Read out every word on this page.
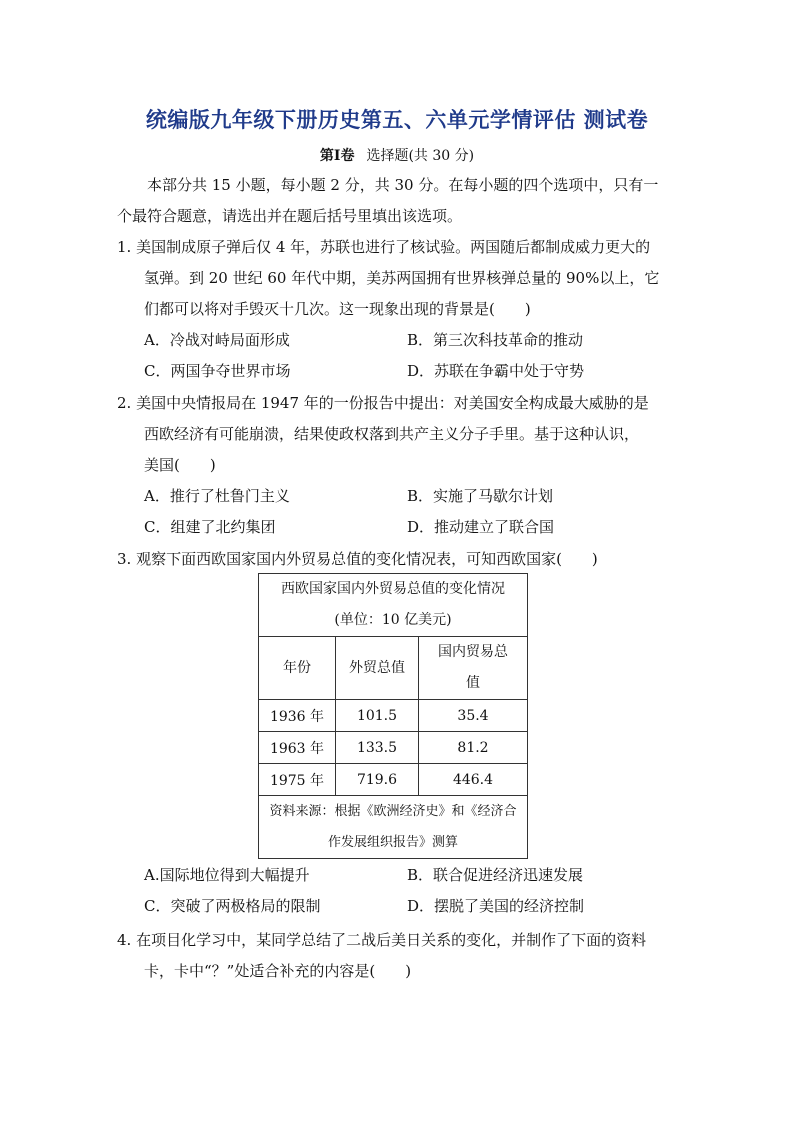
统编版九年级下册历史第五、六单元学情评估 测试卷
第Ⅰ卷 选择题(共 30 分)
本部分共 15 小题，每小题 2 分，共 30 分。在每小题的四个选项中，只有一
个最符合题意，请选出并在题后括号里填出该选项。
1. 美国制成原子弹后仅 4 年，苏联也进行了核试验。两国随后都制成威力更大的
氢弹。到 20 世纪 60 年代中期，美苏两国拥有世界核弹总量的 90%以上，它
们都可以将对手毁灭十几次。这一现象出现的背景是(　　)
A．冷战对峙局面形成	B．第三次科技革命的推动
C．两国争夺世界市场	D．苏联在争霸中处于守势
2. 美国中央情报局在 1947 年的一份报告中提出：对美国安全构成最大威胁的是
西欧经济有可能崩溃，结果使政权落到共产主义分子手里。基于这种认识，
美国(　　)
A．推行了杜鲁门主义	B．实施了马歇尔计划
C．组建了北约集团	D．推动建立了联合国
3. 观察下面西欧国家国内外贸易总值的变化情况表，可知西欧国家(　　)
西欧国家国内外贸易总值的变化情况
(单位：10 亿美元)		

年份	外贸总值	国内贸易总值
1936 年	101.5	35.4
1963 年	133.5	81.2
1975 年	719.6	446.4
资料来源：根据《欧洲经济史》和《经济合作发展组织报告》测算		
A.国际地位得到大幅提升	B．联合促进经济迅速发展
C．突破了两极格局的限制	D．摆脱了美国的经济控制
4. 在项目化学习中，某同学总结了二战后美日关系的变化，并制作了下面的资料
卡，卡中“？”处适合补充的内容是(　　)
